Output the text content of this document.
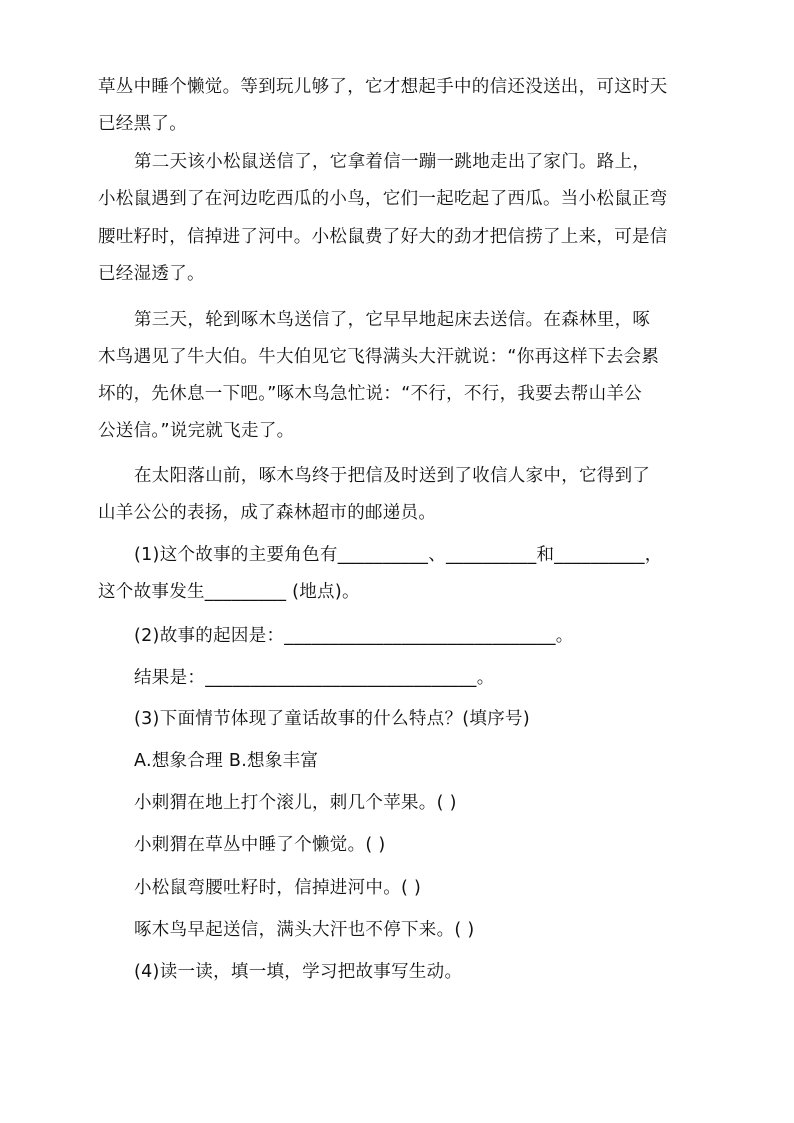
草丛中睡个懒觉。等到玩儿够了，它才想起手中的信还没送出，可这时天
已经黑了。
第二天该小松鼠送信了，它拿着信一蹦一跳地走出了家门。路上，
小松鼠遇到了在河边吃西瓜的小鸟，它们一起吃起了西瓜。当小松鼠正弯
腰吐籽时，信掉进了河中。小松鼠费了好大的劲才把信捞了上来，可是信
已经湿透了。
第三天，轮到啄木鸟送信了，它早早地起床去送信。在森林里，啄
木鸟遇见了牛大伯。牛大伯见它飞得满头大汗就说：“你再这样下去会累
坏的，先休息一下吧。”啄木鸟急忙说：“不行，不行，我要去帮山羊公
公送信。”说完就飞走了。
在太阳落山前，啄木鸟终于把信及时送到了收信人家中，它得到了
山羊公公的表扬，成了森林超市的邮递员。
(1)这个故事的主要角色有__________、__________和__________，
这个故事发生_________ (地点)。
(2)故事的起因是：______________________________。
结果是：______________________________。
(3)下面情节体现了童话故事的什么特点？(填序号)
A.想象合理 B.想象丰富
小刺猬在地上打个滚儿，刺几个苹果。( )
小刺猬在草丛中睡了个懒觉。( )
小松鼠弯腰吐籽时，信掉进河中。( )
啄木鸟早起送信，满头大汗也不停下来。( )
(4)读一读，填一填，学习把故事写生动。
